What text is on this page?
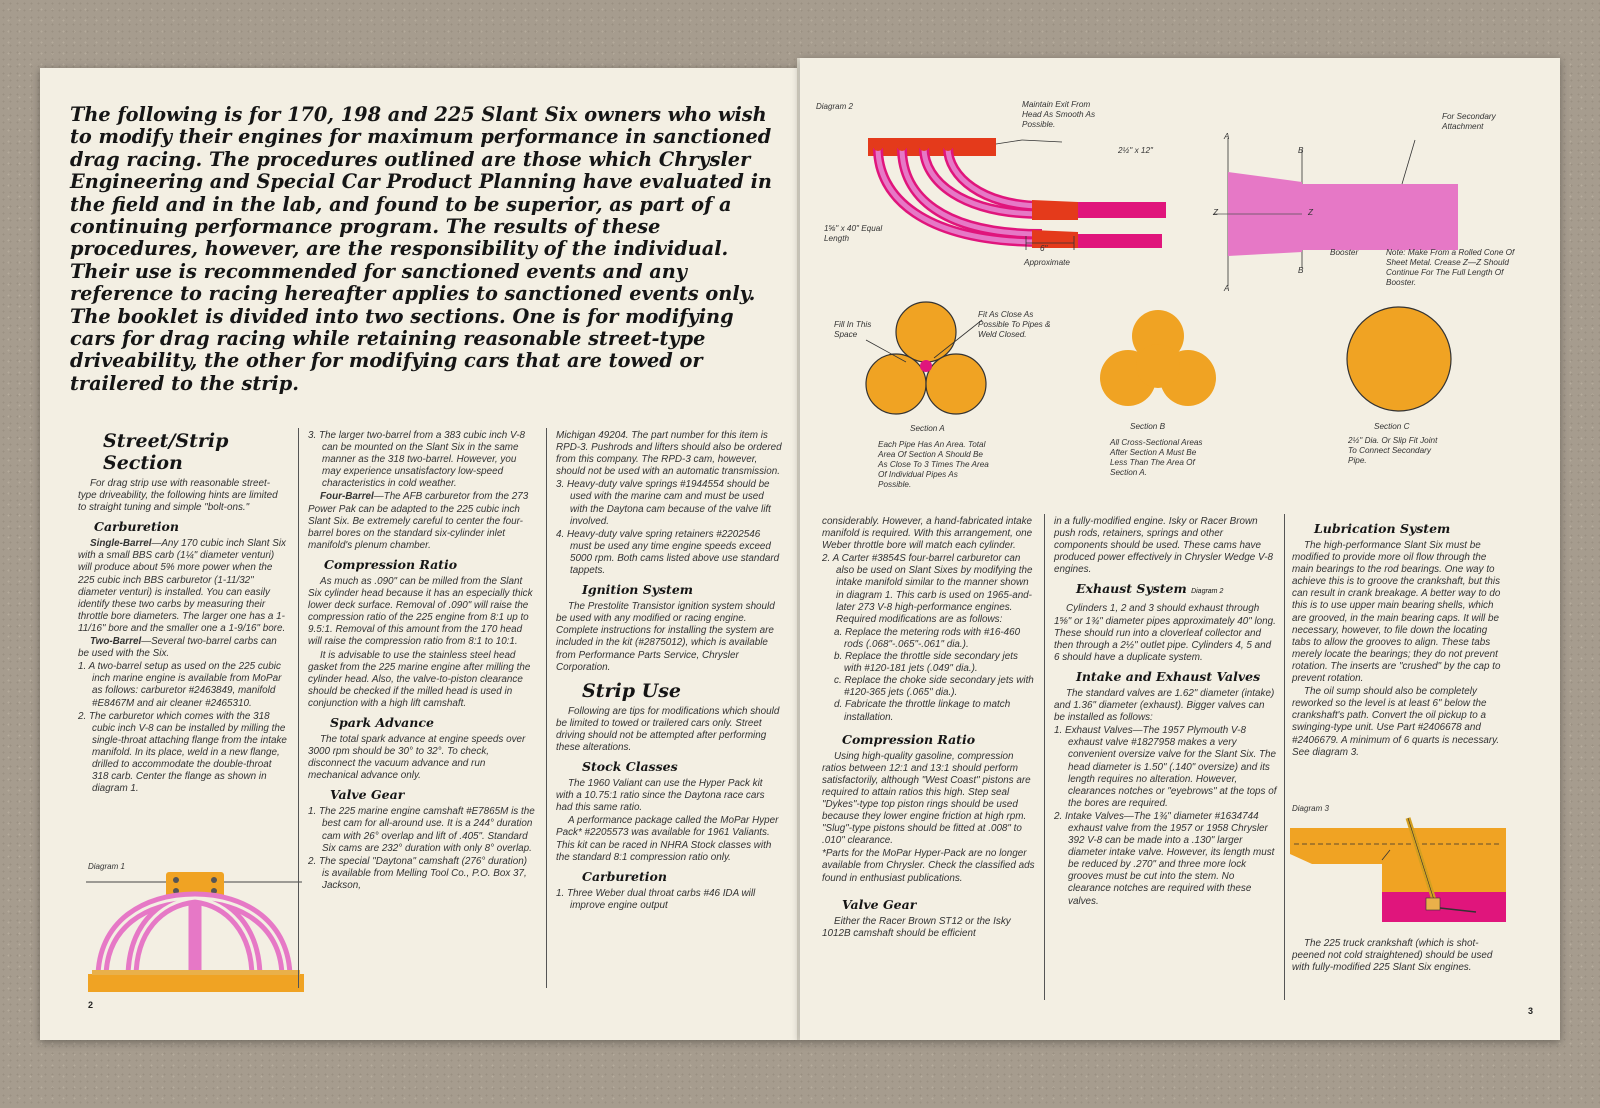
The following is for 170, 198 and 225 Slant Six owners who wish to modify their engines for maximum performance in sanctioned drag racing. The procedures outlined are those which Chrysler Engineering and Special Car Product Planning have evaluated in the field and in the lab, and found to be superior, as part of a continuing performance program. The results of these procedures, however, are the responsibility of the individual. Their use is recommended for sanctioned events and any reference to racing hereafter applies to sanctioned events only. The booklet is divided into two sections. One is for modifying cars for drag racing while retaining reasonable street-type driveability, the other for modifying cars that are towed or trailered to the strip.
Street/Strip Section

For drag strip use with reasonable street-type driveability, the following hints are limited to straight tuning and simple "bolt-ons."

Carburetion

Single-Barrel—Any 170 cubic inch Slant Six with a small BBS carb (1¼" diameter venturi) will produce about 5% more power when the 225 cubic inch BBS carburetor (1-11/32" diameter venturi) is installed. You can easily identify these two carbs by measuring their throttle bore diameters. The larger one has a 1-11/16" bore and the smaller one a 1-9/16" bore.

Two-Barrel—Several two-barrel carbs can be used with the Six.

1. A two-barrel setup as used on the 225 cubic inch marine engine is available from MoPar as follows: carburetor #2463849, manifold #E8467M and air cleaner #2465310.
2. The carburetor which comes with the 318 cubic inch V-8 can be installed by milling the single-throat attaching flange from the intake manifold. In its place, weld in a new flange, drilled to accommodate the double-throat 318 carb. Center the flange as shown in diagram 1.
Diagram 1
2
3. The larger two-barrel from a 383 cubic inch V-8 can be mounted on the Slant Six in the same manner as the 318 two-barrel. However, you may experience unsatisfactory low-speed characteristics in cold weather.

Four-Barrel—The AFB carburetor from the 273 Power Pak can be adapted to the 225 cubic inch Slant Six. Be extremely careful to center the four-barrel bores on the standard six-cylinder inlet manifold's plenum chamber.

Compression Ratio

As much as .090" can be milled from the Slant Six cylinder head because it has an especially thick lower deck surface. Removal of .090" will raise the compression ratio of the 225 engine from 8:1 up to 9.5:1. Removal of this amount from the 170 head will raise the compression ratio from 8:1 to 10:1.

It is advisable to use the stainless steel head gasket from the 225 marine engine after milling the cylinder head. Also, the valve-to-piston clearance should be checked if the milled head is used in conjunction with a high lift camshaft.

Spark Advance

The total spark advance at engine speeds over 3000 rpm should be 30° to 32°. To check, disconnect the vacuum advance and run mechanical advance only.

Valve Gear
1. The 225 marine engine camshaft #E7865M is the best cam for all-around use. It is a 244° duration cam with 26° overlap and lift of .405". Standard Six cams are 232° duration with only 8° overlap.
2. The special "Daytona" camshaft (276° duration) is available from Melling Tool Co., P.O. Box 37, Jackson,

Michigan 49204. The part number for this item is RPD-3. Pushrods and lifters should also be ordered from this company. The RPD-3 cam, however, should not be used with an automatic transmission.

3. Heavy-duty valve springs #1944554 should be used with the marine cam and must be used with the Daytona cam because of the valve lift involved.
4. Heavy-duty valve spring retainers #2202546 must be used any time engine speeds exceed 5000 rpm. Both cams listed above use standard tappets.
Ignition System

The Prestolite Transistor ignition system should be used with any modified or racing engine. Complete instructions for installing the system are included in the kit (#2875012), which is available from Performance Parts Service, Chrysler Corporation.

Strip Use

Following are tips for modifications which should be limited to towed or trailered cars only. Street driving should not be attempted after performing these alterations.

Stock Classes

The 1960 Valiant can use the Hyper Pack kit with a 10.75:1 ratio since the Daytona race cars had this same ratio.

A performance package called the MoPar Hyper Pack* #2205573 was available for 1961 Valiants. This kit can be raced in NHRA Stock classes with the standard 8:1 compression ratio only.

Carburetion
1. Three Weber dual throat carbs #46 IDA will improve engine output
Diagram 2	Maintain Exit From Head As Smooth As Possible.
2½" x 12"
1⅝" x 40" Equal Length
6"
Approximate
A
A
B
B
Z	Z
For Secondary Attachment
Booster	Note: Make From a Rolled Cone Of Sheet Metal. Crease Z—Z Should Continue For The Full Length Of Booster.
Fill In This Space
Fit As Close As Possible To Pipes & Weld Closed.
Section A
Each Pipe Has An Area. Total Area Of Section A Should Be As Close To 3 Times The Area Of Individual Pipes As Possible.
Section B
All Cross-Sectional Areas After Section A Must Be Less Than The Area Of Section A.
Section C
2½" Dia. Or Slip Fit Joint To Connect Secondary Pipe.

considerably. However, a hand-fabricated intake manifold is required. With this arrangement, one Weber throttle bore will match each cylinder.

2. A Carter #3854S four-barrel carburetor can also be used on Slant Sixes by modifying the intake manifold similar to the manner shown in diagram 1. This carb is used on 1965-and-later 273 V-8 high-performance engines. Required modifications are as follows:
a. Replace the metering rods with #16-460 rods (.068"-.065"-.061" dia.).
b. Replace the throttle side secondary jets with #120-181 jets (.049" dia.).
c. Replace the choke side secondary jets with #120-365 jets (.065" dia.).
d. Fabricate the throttle linkage to match installation.
Compression Ratio

Using high-quality gasoline, compression ratios between 12:1 and 13:1 should perform satisfactorily, although "West Coast" pistons are required to attain ratios this high. Step seal "Dykes"-type top piston rings should be used because they lower engine friction at high rpm. "Slug"-type pistons should be fitted at .008" to .010" clearance.

*Parts for the MoPar Hyper-Pack are no longer available from Chrysler. Check the classified ads found in enthusiast publications.

Valve Gear

Either the Racer Brown ST12 or the Isky 1012B camshaft should be efficient

in a fully-modified engine. Isky or Racer Brown push rods, retainers, springs and other components should be used. These cams have produced power effectively in Chrysler Wedge V-8 engines.

Exhaust System Diagram 2

Cylinders 1, 2 and 3 should exhaust through 1⅝" or 1¾" diameter pipes approximately 40" long. These should run into a cloverleaf collector and then through a 2½" outlet pipe. Cylinders 4, 5 and 6 should have a duplicate system.

Intake and Exhaust Valves

The standard valves are 1.62" diameter (intake) and 1.36" diameter (exhaust). Bigger valves can be installed as follows:

1. Exhaust Valves—The 1957 Plymouth V-8 exhaust valve #1827958 makes a very convenient oversize valve for the Slant Six. The head diameter is 1.50" (.140" oversize) and its length requires no alteration. However, clearances notches or "eyebrows" at the tops of the bores are required.
2. Intake Valves—The 1¾" diameter #1634744 exhaust valve from the 1957 or 1958 Chrysler 392 V-8 can be made into a .130" larger diameter intake valve. However, its length must be reduced by .270" and three more lock grooves must be cut into the stem. No clearance notches are required with these valves.
Lubrication System

The high-performance Slant Six must be modified to provide more oil flow through the main bearings to the rod bearings. One way to achieve this is to groove the crankshaft, but this can result in crank breakage. A better way to do this is to use upper main bearing shells, which are grooved, in the main bearing caps. It will be necessary, however, to file down the locating tabs to allow the grooves to align. These tabs merely locate the bearings; they do not prevent rotation. The inserts are "crushed" by the cap to prevent rotation.

The oil sump should also be completely reworked so the level is at least 6" below the crankshaft's path. Convert the oil pickup to a swinging-type unit. Use Part #2406678 and #2406679. A minimum of 6 quarts is necessary. See diagram 3.

Diagram 3

The 225 truck crankshaft (which is shot-peened not cold straightened) should be used with fully-modified 225 Slant Six engines.

3
